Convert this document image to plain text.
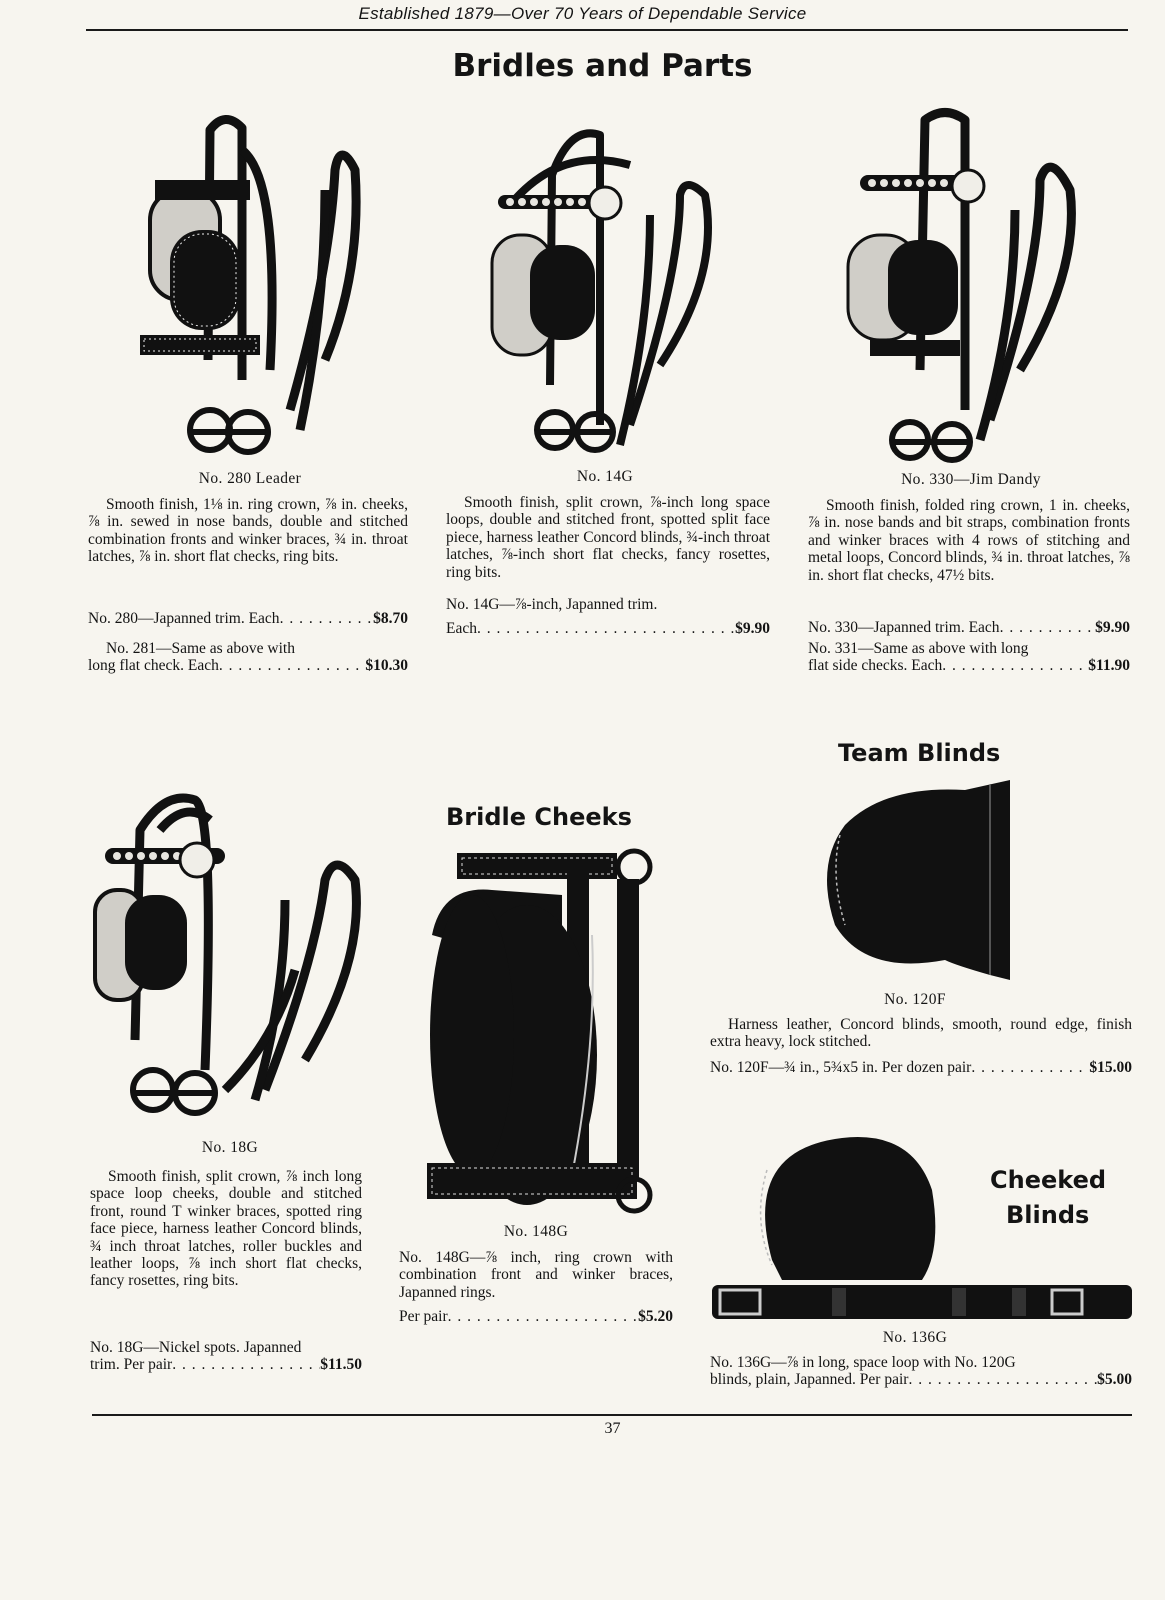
Established 1879—Over 70 Years of Dependable Service
Bridles and Parts
No. 280 Leader
Smooth finish, 1⅛ in. ring crown, ⅞ in. cheeks, ⅞ in. sewed in nose bands, double and stitched combination fronts and winker braces, ¾ in. throat latches, ⅞ in. short flat checks, ring bits.
No. 280—Japanned trim. Each . . .	$8.70
No. 281—Same as above with
long flat check. Each . . .	$10.30
No. 14G
Smooth finish, split crown, ⅞-inch long space loops, double and stitched front, spotted split face piece, harness leather Concord blinds, ¾-inch throat latches, ⅞-inch short flat checks, fancy rosettes, ring bits.
No. 14G—⅞-inch, Japanned trim.
Each . . .	$9.90
No. 330—Jim Dandy
Smooth finish, folded ring crown, 1 in. cheeks, ⅞ in. nose bands and bit straps, combination fronts and winker braces with 4 rows of stitching and metal loops, Concord blinds, ¾ in. throat latches, ⅞ in. short flat checks, 47½ bits.
No. 330—Japanned trim. Each . . .	$9.90
No. 331—Same as above with long
flat side checks. Each . . .	$11.90
Team Blinds
Bridle Cheeks
Cheeked
Blinds
No. 18G
Smooth finish, split crown, ⅞ inch long space loop cheeks, double and stitched front, round T winker braces, spotted ring face piece, harness leather Concord blinds, ¾ inch throat latches, roller buckles and leather loops, ⅞ inch short flat checks, fancy rosettes, ring bits.
No. 18G—Nickel spots. Japanned
trim. Per pair . . .	$11.50
No. 148G
No. 148G—⅞ inch, ring crown with combination front and winker braces, Japanned rings.
Per pair . . .	$5.20
No. 120F
Harness leather, Concord blinds, smooth, round edge, finish extra heavy, lock stitched.
No. 120F—¾ in., 5¾x5 in. Per dozen pair . . .	$15.00
No. 136G
No. 136G—⅞ in long, space loop with No. 120G
blinds, plain, Japanned. Per pair . . .	$5.00
37
